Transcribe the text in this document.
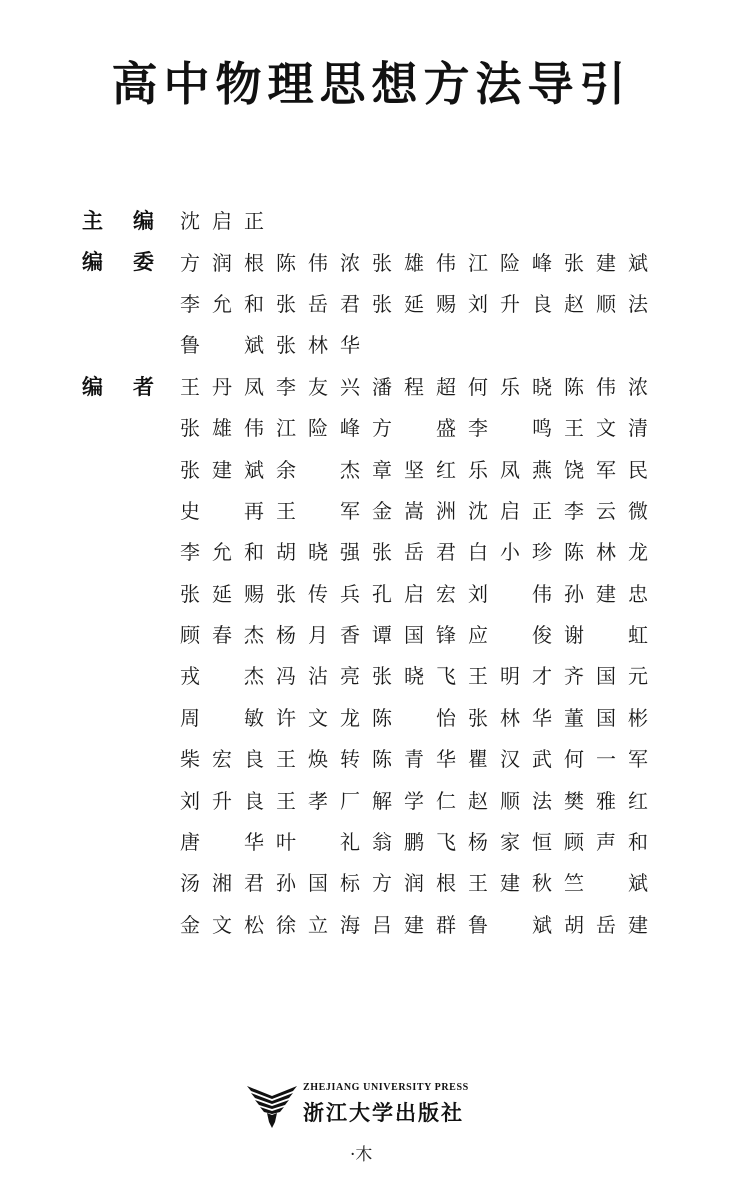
高中物理思想方法导引
主 编 沈 启 正
编 委 方 润 根 陈 伟 浓 张 雄 伟 江 险 峰 张 建 斌
李 允 和 张 岳 君 张 延 赐 刘 升 良 赵 顺 法
鲁 斌 张 林 华
编 者 王 丹 凤 李 友 兴 潘 程 超 何 乐 晓 陈 伟 浓
张 雄 伟 江 险 峰 方 盛 李 鸣 王 文 清
张 建 斌 余 杰 章 坚 红 乐 凤 燕 饶 军 民
史 再 王 军 金 嵩 洲 沈 启 正 李 云 微
李 允 和 胡 晓 强 张 岳 君 白 小 珍 陈 林 龙
张 延 赐 张 传 兵 孔 启 宏 刘 伟 孙 建 忠
顾 春 杰 杨 月 香 谭 国 锋 应 俊 谢 虹
戎 杰 冯 沾 亮 张 晓 飞 王 明 才 齐 国 元
周 敏 许 文 龙 陈 怡 张 林 华 董 国 彬
柴 宏 良 王 焕 转 陈 青 华 瞿 汉 武 何 一 军
刘 升 良 王 孝 厂 解 学 仁 赵 顺 法 樊 雅 红
唐 华 叶 礼 翁 鹏 飞 杨 家 恒 顾 声 和
汤 湘 君 孙 国 标 方 润 根 王 建 秋 竺 斌
金 文 松 徐 立 海 吕 建 群 鲁 斌 胡 岳 建
ZHEJIANG UNIVERSITY PRESS
浙江大学出版社
·木
